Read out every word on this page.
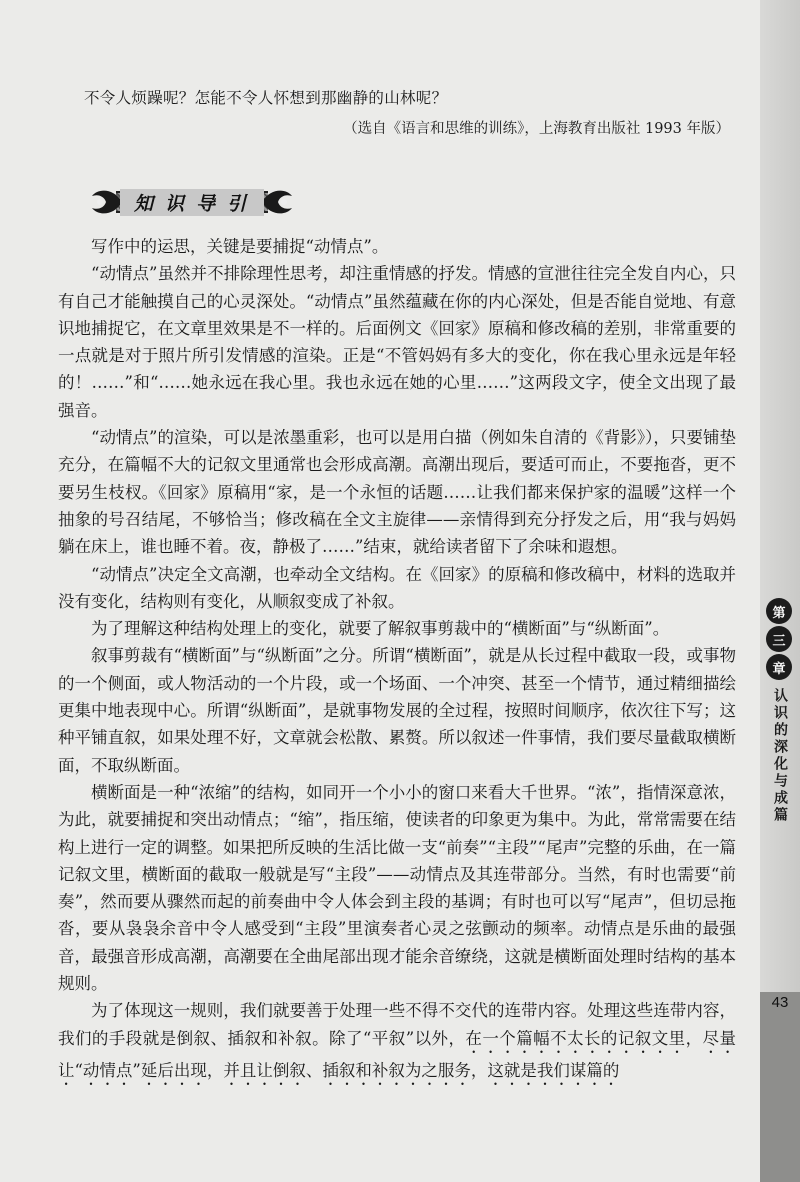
不令人烦躁呢？怎能不令人怀想到那幽静的山林呢？
（选自《语言和思维的训练》，上海教育出版社 1993 年版）
知识导引

写作中的运思，关键是要捕捉“动情点”。

“动情点”虽然并不排除理性思考，却注重情感的抒发。情感的宣泄往往完全发自内心，只有自己才能触摸自己的心灵深处。“动情点”虽然蕴藏在你的内心深处，但是否能自觉地、有意识地捕捉它，在文章里效果是不一样的。后面例文《回家》原稿和修改稿的差别，非常重要的一点就是对于照片所引发情感的渲染。正是“不管妈妈有多大的变化，你在我心里永远是年轻的！……”和“……她永远在我心里。我也永远在她的心里……”这两段文字，使全文出现了最强音。

“动情点”的渲染，可以是浓墨重彩，也可以是用白描（例如朱自清的《背影》），只要铺垫充分，在篇幅不大的记叙文里通常也会形成高潮。高潮出现后，要适可而止，不要拖沓，更不要另生枝杈。《回家》原稿用“家，是一个永恒的话题……让我们都来保护家的温暖”这样一个抽象的号召结尾，不够恰当；修改稿在全文主旋律——亲情得到充分抒发之后，用“我与妈妈躺在床上，谁也睡不着。夜，静极了……”结束，就给读者留下了余味和遐想。

“动情点”决定全文高潮，也牵动全文结构。在《回家》的原稿和修改稿中，材料的选取并没有变化，结构则有变化，从顺叙变成了补叙。

为了理解这种结构处理上的变化，就要了解叙事剪裁中的“横断面”与“纵断面”。

叙事剪裁有“横断面”与“纵断面”之分。所谓“横断面”，就是从长过程中截取一段，或事物的一个侧面，或人物活动的一个片段，或一个场面、一个冲突、甚至一个情节，通过精细描绘更集中地表现中心。所谓“纵断面”，是就事物发展的全过程，按照时间顺序，依次往下写；这种平铺直叙，如果处理不好，文章就会松散、累赘。所以叙述一件事情，我们要尽量截取横断面，不取纵断面。

横断面是一种“浓缩”的结构，如同开一个小小的窗口来看大千世界。“浓”，指情深意浓，为此，就要捕捉和突出动情点；“缩”，指压缩，使读者的印象更为集中。为此，常常需要在结构上进行一定的调整。如果把所反映的生活比做一支“前奏”“主段”“尾声”完整的乐曲，在一篇记叙文里，横断面的截取一般就是写“主段”——动情点及其连带部分。当然，有时也需要“前奏”，然而要从骤然而起的前奏曲中令人体会到主段的基调；有时也可以写“尾声”，但切忌拖沓，要从袅袅余音中令人感受到“主段”里演奏者心灵之弦颤动的频率。动情点是乐曲的最强音，最强音形成高潮，高潮要在全曲尾部出现才能余音缭绕，这就是横断面处理时结构的基本规则。

为了体现这一规则，我们就要善于处理一些不得不交代的连带内容。处理这些连带内容，我们的手段就是倒叙、插叙和补叙。除了“平叙”以外，在一个篇幅不太长的记叙文里，尽量让“动情点”延后出现，并且让倒叙、插叙和补叙为之服务，这就是我们谋篇的

第
三
章
认识的深化与成篇
43
